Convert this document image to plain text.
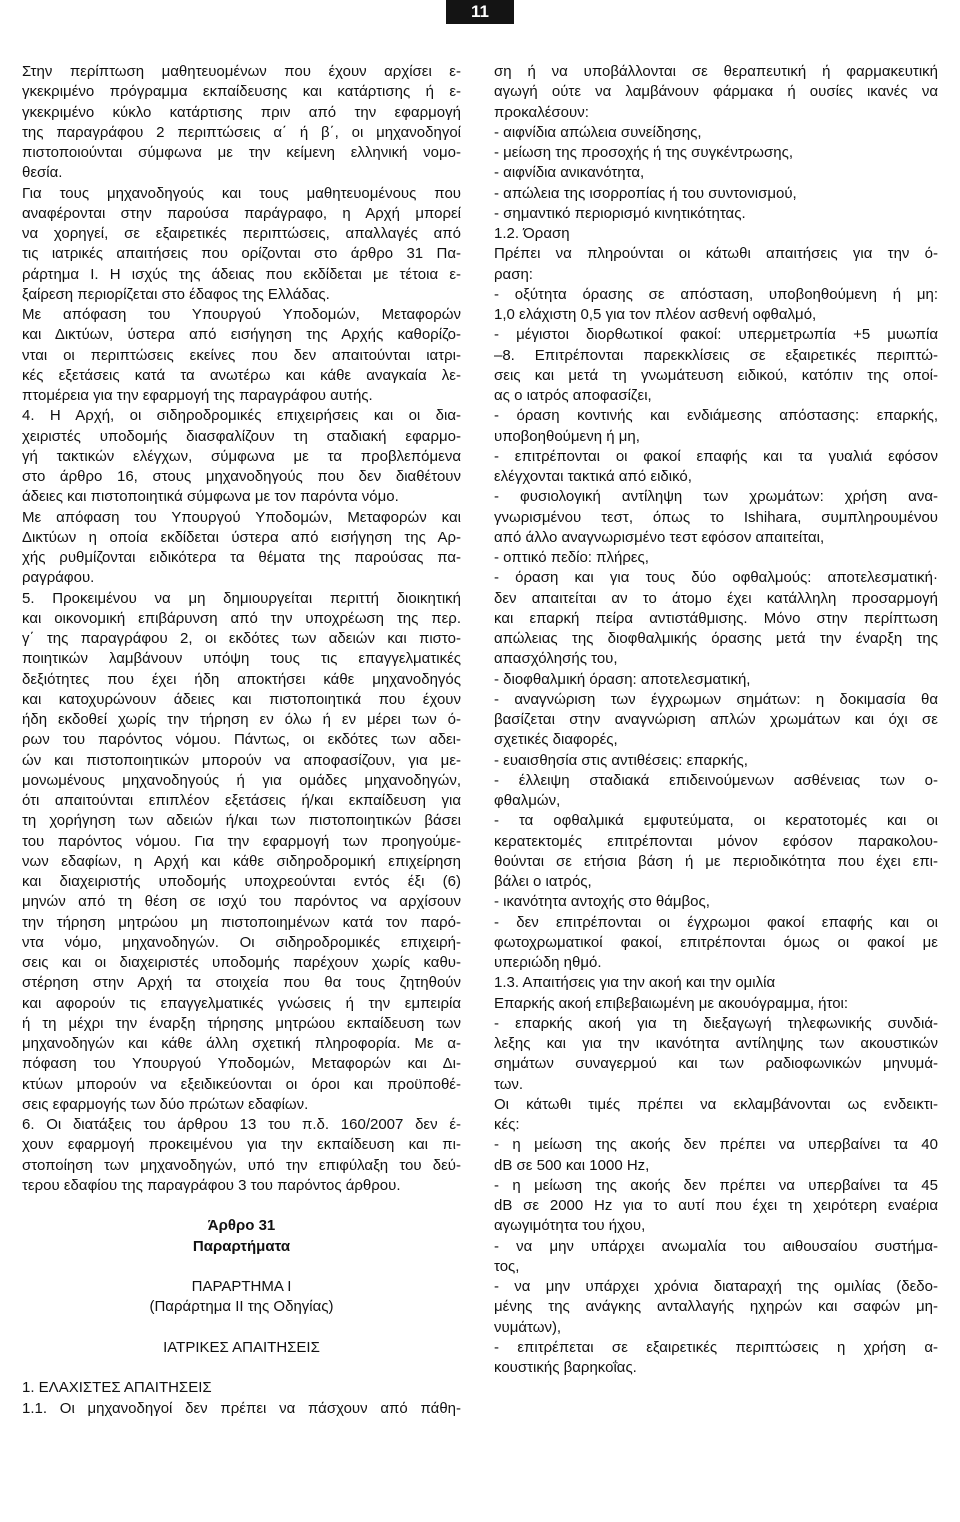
11
Στην περίπτωση μαθητευομένων που έχουν αρχίσει ε-
γκεκριμένο πρόγραμμα εκπαίδευσης και κατάρτισης ή ε-
γκεκριμένο κύκλο κατάρτισης πριν από την εφαρμογή
της παραγράφου 2 περιπτώσεις α΄ ή β΄, οι μηχανοδηγοί
πιστοποιούνται σύμφωνα με την κείμενη ελληνική νομο-
θεσία.
Για τους μηχανοδηγούς και τους μαθητευομένους που
αναφέρονται στην παρούσα παράγραφο, η Αρχή μπορεί
να χορηγεί, σε εξαιρετικές περιπτώσεις, απαλλαγές από
τις ιατρικές απαιτήσεις που ορίζονται στο άρθρο 31 Πα-
ράρτημα Ι. Η ισχύς της άδειας που εκδίδεται με τέτοια ε-
ξαίρεση περιορίζεται στο έδαφος της Ελλάδας.
Με απόφαση του Υπουργού Υποδομών, Μεταφορών
και Δικτύων, ύστερα από εισήγηση της Αρχής καθορίζο-
νται οι περιπτώσεις εκείνες που δεν απαιτούνται ιατρι-
κές εξετάσεις κατά τα ανωτέρω και κάθε αναγκαία λε-
πτομέρεια για την εφαρμογή της παραγράφου αυτής.
4. Η Αρχή, οι σιδηροδρομικές επιχειρήσεις και οι δια-
χειριστές υποδομής διασφαλίζουν τη σταδιακή εφαρμο-
γή τακτικών ελέγχων, σύμφωνα με τα προβλεπόμενα
στο άρθρο 16, στους μηχανοδηγούς που δεν διαθέτουν
άδειες και πιστοποιητικά σύμφωνα με τον παρόντα νόμο.
Με απόφαση του Υπουργού Υποδομών, Μεταφορών και
Δικτύων η οποία εκδίδεται ύστερα από εισήγηση της Αρ-
χής ρυθμίζονται ειδικότερα τα θέματα της παρούσας πα-
ραγράφου.
5. Προκειμένου να μη δημιουργείται περιττή διοικητική
και οικονομική επιβάρυνση από την υποχρέωση της περ.
γ΄ της παραγράφου 2, οι εκδότες των αδειών και πιστο-
ποιητικών λαμβάνουν υπόψη τους τις επαγγελματικές
δεξιότητες που έχει ήδη αποκτήσει κάθε μηχανοδηγός
και κατοχυρώνουν άδειες και πιστοποιητικά που έχουν
ήδη εκδοθεί χωρίς την τήρηση εν όλω ή εν μέρει των ό-
ρων του παρόντος νόμου. Πάντως, οι εκδότες των αδει-
ών και πιστοποιητικών μπορούν να αποφασίζουν, για με-
μονωμένους μηχανοδηγούς ή για ομάδες μηχανοδηγών,
ότι απαιτούνται επιπλέον εξετάσεις ή/και εκπαίδευση για
τη χορήγηση των αδειών ή/και των πιστοποιητικών βάσει
του παρόντος νόμου. Για την εφαρμογή των προηγούμε-
νων εδαφίων, η Αρχή και κάθε σιδηροδρομική επιχείρηση
και διαχειριστής υποδομής υποχρεούνται εντός έξι (6)
μηνών από τη θέση σε ισχύ του παρόντος να αρχίσουν
την τήρηση μητρώου μη πιστοποιημένων κατά τον παρό-
ντα νόμο, μηχανοδηγών. Οι σιδηροδρομικές επιχειρή-
σεις και οι διαχειριστές υποδομής παρέχουν χωρίς καθυ-
στέρηση στην Αρχή τα στοιχεία που θα τους ζητηθούν
και αφορούν τις επαγγελματικές γνώσεις ή την εμπειρία
ή τη μέχρι την έναρξη τήρησης μητρώου εκπαίδευση των
μηχανοδηγών και κάθε άλλη σχετική πληροφορία. Με α-
πόφαση του Υπουργού Υποδομών, Μεταφορών και Δι-
κτύων μπορούν να εξειδικεύονται οι όροι και προϋποθέ-
σεις εφαρμογής των δύο πρώτων εδαφίων.
6. Οι διατάξεις του άρθρου 13 του π.δ. 160/2007 δεν έ-
χουν εφαρμογή προκειμένου για την εκπαίδευση και πι-
στοποίηση των μηχανοδηγών, υπό την επιφύλαξη του δεύ-
τερου εδαφίου της παραγράφου 3 του παρόντος άρθρου.
Άρθρο 31
Παραρτήματα
ΠΑΡΑΡΤΗΜΑ Ι
(Παράρτημα ΙΙ της Οδηγίας)
ΙΑΤΡΙΚΕΣ ΑΠΑΙΤΗΣΕΙΣ
1. ΕΛΑΧΙΣΤΕΣ ΑΠΑΙΤΗΣΕΙΣ
1.1. Οι μηχανοδηγοί δεν πρέπει να πάσχουν από πάθη-
ση ή να υποβάλλονται σε θεραπευτική ή φαρμακευτική
αγωγή ούτε να λαμβάνουν φάρμακα ή ουσίες ικανές να
προκαλέσουν:
- αιφνίδια απώλεια συνείδησης,
- μείωση της προσοχής ή της συγκέντρωσης,
- αιφνίδια ανικανότητα,
- απώλεια της ισορροπίας ή του συντονισμού,
- σημαντικό περιορισμό κινητικότητας.
1.2. Όραση
Πρέπει να πληρούνται οι κάτωθι απαιτήσεις για την ό-
ραση:
- οξύτητα όρασης σε απόσταση, υποβοηθούμενη ή μη:
1,0 ελάχιστη 0,5 για τον πλέον ασθενή οφθαλμό,
- μέγιστοι διορθωτικοί φακοί: υπερμετρωπία +5 μυωπία
–8. Επιτρέπονται παρεκκλίσεις σε εξαιρετικές περιπτώ-
σεις και μετά τη γνωμάτευση ειδικού, κατόπιν της οποί-
ας ο ιατρός αποφασίζει,
- όραση κοντινής και ενδιάμεσης απόστασης: επαρκής,
υποβοηθούμενη ή μη,
- επιτρέπονται οι φακοί επαφής και τα γυαλιά εφόσον
ελέγχονται τακτικά από ειδικό,
- φυσιολογική αντίληψη των χρωμάτων: χρήση ανα-
γνωρισμένου τεστ, όπως το Ishihara, συμπληρουμένου
από άλλο αναγνωρισμένο τεστ εφόσον απαιτείται,
- οπτικό πεδίο: πλήρες,
- όραση και για τους δύο οφθαλμούς: αποτελεσματική·
δεν απαιτείται αν το άτομο έχει κατάλληλη προσαρμογή
και επαρκή πείρα αντιστάθμισης. Μόνο στην περίπτωση
απώλειας της διοφθαλμικής όρασης μετά την έναρξη της
απασχόλησής του,
- διοφθαλμική όραση: αποτελεσματική,
- αναγνώριση των έγχρωμων σημάτων: η δοκιμασία θα
βασίζεται στην αναγνώριση απλών χρωμάτων και όχι σε
σχετικές διαφορές,
- ευαισθησία στις αντιθέσεις: επαρκής,
- έλλειψη σταδιακά επιδεινούμενων ασθένειας των ο-
φθαλμών,
- τα οφθαλμικά εμφυτεύματα, οι κερατοτομές και οι
κερατεκτομές επιτρέπονται μόνον εφόσον παρακολου-
θούνται σε ετήσια βάση ή με περιοδικότητα που έχει επι-
βάλει ο ιατρός,
- ικανότητα αντοχής στο θάμβος,
- δεν επιτρέπονται οι έγχρωμοι φακοί επαφής και οι
φωτοχρωματικοί φακοί, επιτρέπονται όμως οι φακοί με
υπεριώδη ηθμό.
1.3. Απαιτήσεις για την ακοή και την ομιλία
Επαρκής ακοή επιβεβαιωμένη με ακουόγραμμα, ήτοι:
- επαρκής ακοή για τη διεξαγωγή τηλεφωνικής συνδιά-
λεξης και για την ικανότητα αντίληψης των ακουστικών
σημάτων συναγερμού και των ραδιοφωνικών μηνυμά-
των.
Οι κάτωθι τιμές πρέπει να εκλαμβάνονται ως ενδεικτι-
κές:
- η μείωση της ακοής δεν πρέπει να υπερβαίνει τα 40
dB σε 500 και 1000 Hz,
- η μείωση της ακοής δεν πρέπει να υπερβαίνει τα 45
dB σε 2000 Hz για το αυτί που έχει τη χειρότερη εναέρια
αγωγιμότητα του ήχου,
- να μην υπάρχει ανωμαλία του αιθουσαίου συστήμα-
τος,
- να μην υπάρχει χρόνια διαταραχή της ομιλίας (δεδο-
μένης της ανάγκης ανταλλαγής ηχηρών και σαφών μη-
νυμάτων),
- επιτρέπεται σε εξαιρετικές περιπτώσεις η χρήση α-
κουστικής βαρηκοΐας.
